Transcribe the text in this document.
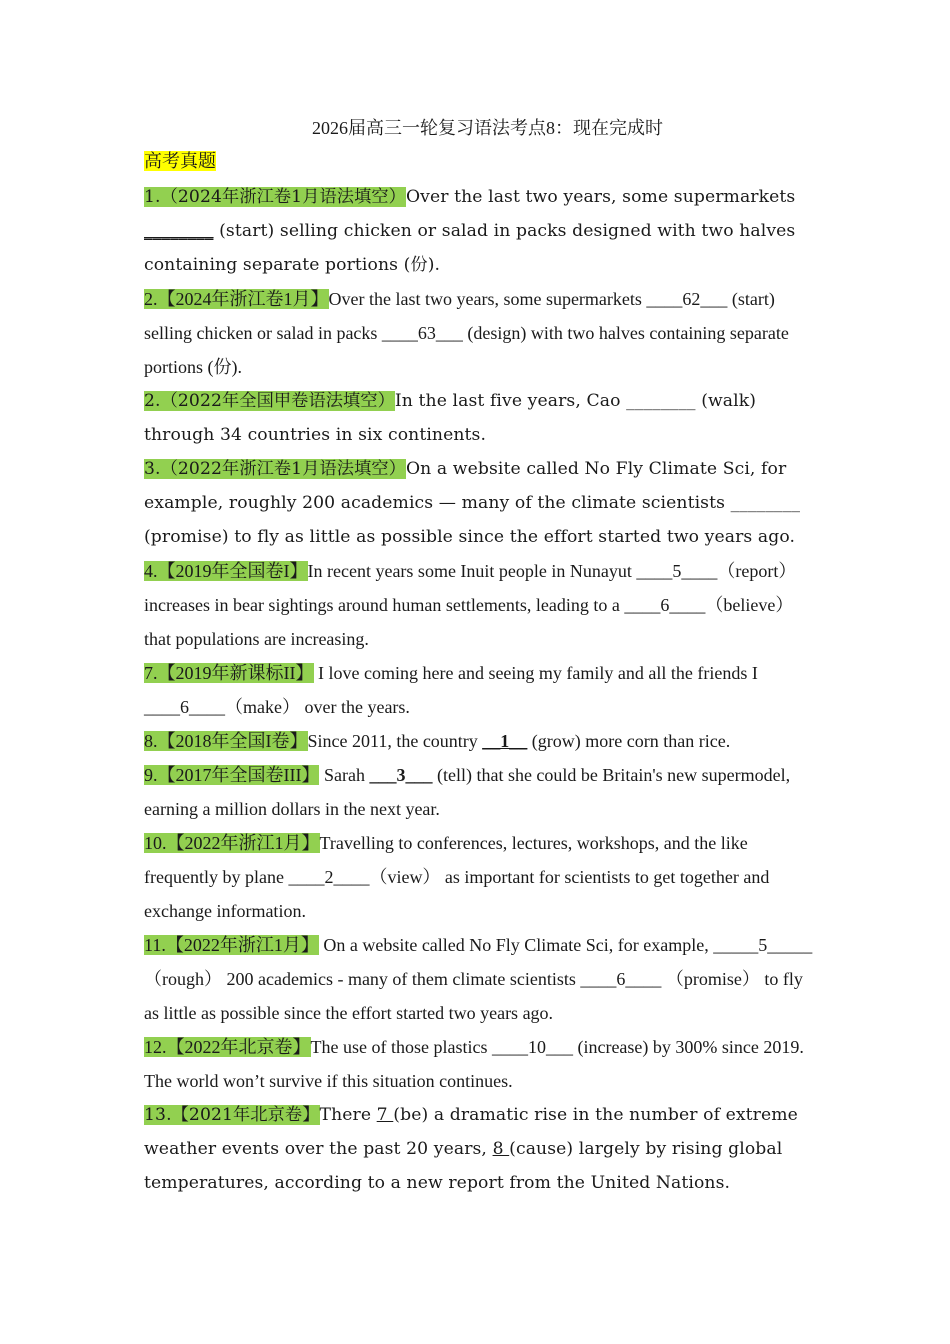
2026届高三一轮复习语法考点8：现在完成时
高考真题

1.（2024年浙江卷1月语法填空）Over the last two years, some supermarkets ________ (start) selling chicken or salad in packs designed with two halves containing separate portions (份).

2.【2024年浙江卷1月】Over the last two years, some supermarkets ____62___ (start) selling chicken or salad in packs ____63___ (design) with two halves containing separate portions (份).

2.（2022年全国甲卷语法填空）In the last five years, Cao ________ (walk) through 34 countries in six continents.

3.（2022年浙江卷1月语法填空）On a website called No Fly Climate Sci, for example, roughly 200 academics — many of the climate scientists ________ (promise) to fly as little as possible since the effort started two years ago.

4.【2019年全国卷I】In recent years some Inuit people in Nunayut ____5____（report） increases in bear sightings around human settlements, leading to a ____6____（believe） that populations are increasing.

7.【2019年新课标II】 I love coming here and seeing my family and all the friends I ____6____（make） over the years.

8.【2018年全国I卷】Since 2011, the country __1__ (grow) more corn than rice.

9.【2017年全国卷III】 Sarah ___3___ (tell) that she could be Britain's new supermodel, earning a million dollars in the next year.

10.【2022年浙江1月】Travelling to conferences, lectures, workshops, and the like frequently by plane ____2____（view） as important for scientists to get together and exchange information.

11.【2022年浙江1月】 On a website called No Fly Climate Sci, for example, _____5_____（rough） 200 academics - many of them climate scientists ____6____ （promise） to fly as little as possible since the effort started two years ago.

12.【2022年北京卷】The use of those plastics ____10___ (increase) by 300% since 2019. The world won’t survive if this situation continues.

13.【2021年北京卷】There 7 (be) a dramatic rise in the number of extreme weather events over the past 20 years, 8 (cause) largely by rising global temperatures, according to a new report from the United Nations.
